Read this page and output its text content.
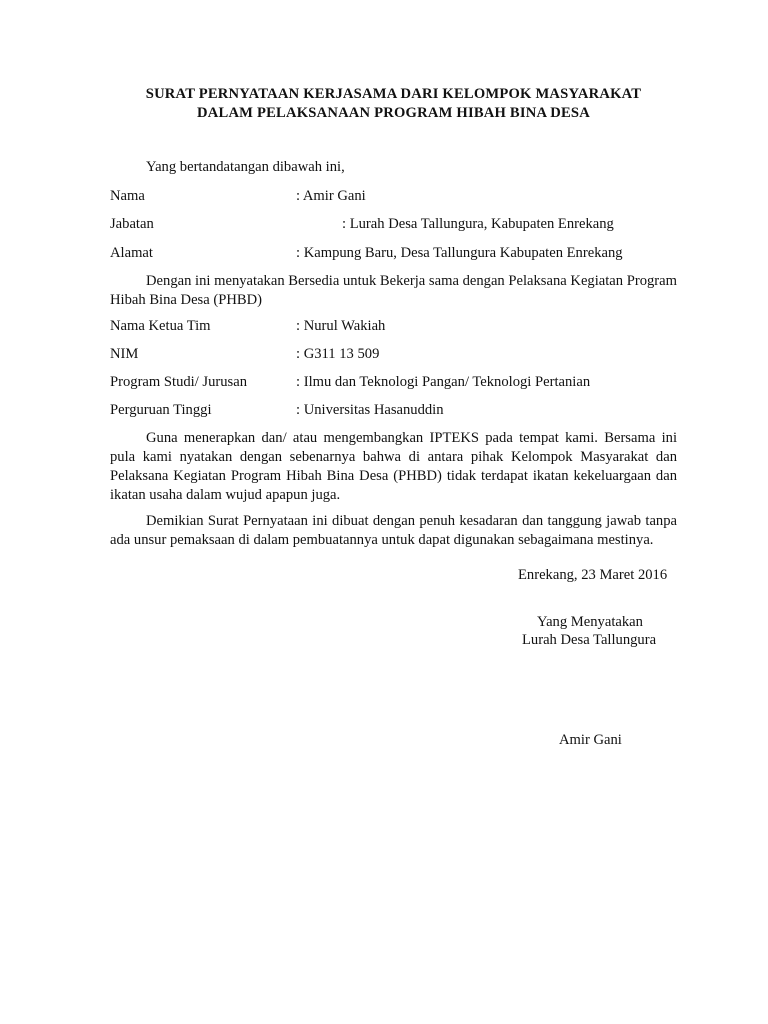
SURAT PERNYATAAN KERJASAMA DARI KELOMPOK MASYARAKAT
DALAM PELAKSANAAN PROGRAM HIBAH BINA DESA
Yang bertandatangan dibawah ini,
Nama	: Amir Gani
Jabatan	: Lurah Desa Tallungura, Kabupaten Enrekang
Alamat	: Kampung Baru, Desa Tallungura Kabupaten Enrekang
Dengan ini menyatakan Bersedia untuk Bekerja sama dengan Pelaksana Kegiatan Program Hibah Bina Desa (PHBD)
Nama Ketua Tim	: Nurul Wakiah
NIM	: G311 13 509
Program Studi/ Jurusan	: Ilmu dan Teknologi Pangan/ Teknologi Pertanian
Perguruan Tinggi	: Universitas Hasanuddin
Guna menerapkan dan/ atau mengembangkan IPTEKS pada tempat kami. Bersama ini pula kami nyatakan dengan sebenarnya bahwa di antara pihak Kelompok Masyarakat dan Pelaksana Kegiatan Program Hibah Bina Desa (PHBD) tidak terdapat ikatan kekeluargaan dan ikatan usaha dalam wujud apapun juga.
Demikian Surat Pernyataan ini dibuat dengan penuh kesadaran dan tanggung jawab tanpa ada unsur pemaksaan di dalam pembuatannya untuk dapat digunakan sebagaimana mestinya.
Enrekang, 23 Maret 2016
Yang Menyatakan
Lurah Desa Tallungura
Amir Gani
